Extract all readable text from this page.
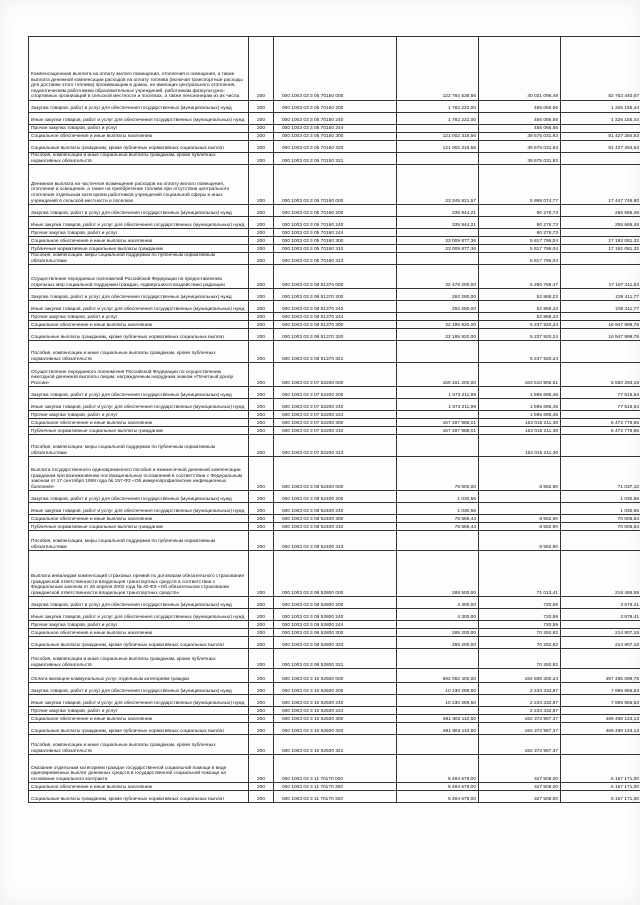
Компенсационная выплата на оплату жилого помещения, отопления и освещения, а также выплата денежной компенсации расходов на оплату топлива (включая транспортные расходы для доставки этого топлива) проживающим в домах, не имеющих центрального отопления, педагогическим работникам образовательных учреждений, работникам физкультурно-спортивных организаций в сельской местности и поселках, а также пенсионерам из их числа	200	000 1003 03 3 05 70150 000	122 784 538,56	40 031 098,49	82 753 440,07
Закупка товаров, работ и услуг для обеспечения государственных (муниципальных) нужд	200	000 1003 03 3 05 70150 200	1 782 222,00	456 066,56	1 326 155,44
Иные закупки товаров, работ и услуг для обеспечения государственных (муниципальных) нужд	200	000 1003 03 3 05 70150 240	1 782 222,00	456 066,56	1 326 155,44
Прочая закупка товаров, работ и услуг	200	000 1003 03 3 05 70150 244		456 066,56	
Социальное обеспечение и иные выплаты населению	200	000 1003 03 3 05 70150 300	121 002 316,56	39 575 031,93	81 427 284,63
Социальные выплаты гражданам, кроме публичных нормативных социальных выплат	200	000 1003 03 3 05 70150 320	121 002 316,56	39 575 031,93	81 427 284,63
Пособия, компенсации и иные социальные выплаты гражданам, кроме публичных нормативных обязательств	200	000 1003 03 3 05 70150 321		39 575 031,93	
Денежная выплата на частичное возмещение расходов на оплату жилого помещения, отопления и освещения, а также на приобретение топлива при отсутствии центрального отопления отдельным категориям работников учреждений социальной сферы и иных учреждений в сельской местности и поселках	200	000 1003 03 3 05 70160 000	23 345 821,57	5 898 074,77	17 447 746,80
Закупка товаров, работ и услуг для обеспечения государственных (муниципальных) нужд	200	000 1003 03 3 05 70160 200	335 944,21	80 278,73	255 665,48
Иные закупки товаров, работ и услуг для обеспечения государственных (муниципальных) нужд	200	000 1003 03 3 05 70160 240	335 944,21	80 278,73	255 665,48
Прочая закупка товаров, работ и услуг	200	000 1003 03 3 05 70160 244		80 278,73	
Социальное обеспечение и иные выплаты населению	200	000 1003 03 3 05 70160 300	23 009 877,36	5 817 796,04	17 192 081,32
Публичные нормативные социальные выплаты гражданам	200	000 1003 03 3 05 70160 310	23 009 877,36	5 817 796,04	17 192 081,32
Пособия, компенсации, меры социальной поддержки по публичным нормативным обязательствам	200	000 1003 03 3 05 70160 313		5 817 796,04	
Осуществление переданных полномочий Российской Федерации по предоставлению отдельных мер социальной поддержки граждан, подвергшихся воздействию радиации	200	000 1003 03 3 08 51370 000	22 478 200,00	5 290 788,47	17 187 411,53
Закупка товаров, работ и услуг для обеспечения государственных (муниципальных) нужд	200	000 1003 03 3 08 51370 200	292 280,00	52 868,23	239 411,77
Иные закупки товаров, работ и услуг для обеспечения государственных (муниципальных) нужд	200	000 1003 03 3 08 51370 240	292 280,00	52 868,23	239 411,77
Прочая закупка товаров, работ и услуг	200	000 1003 03 3 08 51370 244		52 868,23	
Социальное обеспечение и иные выплаты населению	200	000 1003 03 3 08 51370 300	22 185 920,00	5 237 920,24	16 947 999,76
Социальные выплаты гражданам, кроме публичных нормативных социальных выплат	200	000 1003 03 3 08 51370 320	22 185 920,00	5 237 920,24	16 947 999,76
Пособия, компенсации и иные социальные выплаты гражданам, кроме публичных нормативных обязательств	200	000 1003 03 3 08 51370 321		5 237 920,24	
Осуществление переданного полномочия Российской Федерации по осуществлению ежегодной денежной выплаты лицам, награжденным нагрудным знаком «Почетный донор России»	200	000 1003 03 3 07 52200 000	169 161 200,00	163 610 906,51	5 550 293,19
Закупка товаров, работ и услуг для обеспечения государственных (муниципальных) нужд	200	000 1003 03 3 07 52200 200	1 673 211,99	1 595 695,45	77 516,54
Иные закупки товаров, работ и услуг для обеспечения государственных (муниципальных) нужд	200	000 1003 03 3 07 52200 240	1 673 211,99	1 595 695,45	77 516,54
Прочая закупка товаров, работ и услуг	200	000 1003 03 3 07 52200 244		1 595 695,45	
Социальное обеспечение и иные выплаты населению	200	000 1003 03 3 07 52200 300	167 487 988,01	162 015 211,36	5 472 776,65
Публичные нормативные социальные выплаты гражданам	200	000 1003 03 3 07 52200 310	167 487 988,01	162 015 211,36	5 472 776,65
Пособия, компенсации, меры социальной поддержки по публичным нормативным обязательствам	200	000 1003 03 3 07 52200 313		162 015 211,36	
Выплата государственного единовременного пособия и ежемесячной денежной компенсации гражданам при возникновении поствакцинальных осложнений в соответствии с Федеральным законом от 17 сентября 1998 года № 157-ФЗ «Об иммунопрофилактике инфекционных болезней»	200	000 1003 03 3 08 52400 000	79 600,00	8 562,90	71 037,10
Закупка товаров, работ и услуг для обеспечения государственных (муниципальных) нужд	200	000 1003 03 3 08 52400 200	1 030,56		1 030,56
Иные закупки товаров, работ и услуг для обеспечения государственных (муниципальных) нужд	200	000 1003 03 3 08 52400 240	1 030,56		1 030,56
Социальное обеспечение и иные выплаты населению	200	000 1003 03 3 08 52400 300	78 569,44	8 562,90	70 006,54
Публичные нормативные социальные выплаты гражданам	200	000 1003 03 3 08 52400 310	78 569,44	8 562,90	70 006,54
Пособия, компенсации, меры социальной поддержки по публичным нормативным обязательствам	200	000 1003 03 3 08 52400 313		8 562,90	
Выплата инвалидам компенсаций страховых премий по договорам обязательного страхования гражданской ответственности владельцев транспортных средств в соответствии с Федеральным законом от 25 апреля 2002 года № 40-ФЗ «Об обязательном страховании гражданской ответственности владельцев транспортных средств»	200	000 1003 03 3 08 52800 000	289 500,00	71 013,41	218 486,59
Закупка товаров, работ и услуг для обеспечения государственных (муниципальных) нужд	200	000 1003 03 3 08 52800 200	4 300,00	720,59	3 579,41
Иные закупки товаров, работ и услуг для обеспечения государственных (муниципальных) нужд	200	000 1003 03 3 08 52800 240	4 300,00	720,59	3 579,41
Прочая закупка товаров, работ и услуг	200	000 1003 03 3 08 52800 244		720,59	
Социальное обеспечение и иные выплаты населению	200	000 1003 03 3 08 52800 300	285 200,00	70 292,82	214 907,18
Социальные выплаты гражданам, кроме публичных нормативных социальных выплат	200	000 1003 03 3 08 52800 320	285 200,00	70 292,82	214 907,18
Пособия, компенсации и иные социальные выплаты гражданам, кроме публичных нормативных обязательств	200	000 1003 03 3 08 52800 321		70 292,82	
Оплата жилищно-коммунальных услуг отдельным категориям граждан	200	000 1003 03 3 10 52500 000	692 093 400,00	194 608 300,24	497 485 099,76
Закупка товаров, работ и услуг для обеспечения государственных (муниципальных) нужд	200	000 1003 03 3 10 52500 200	10 230 289,50	2 234 332,87	7 995 956,63
Иные закупки товаров, работ и услуг для обеспечения государственных (муниципальных) нужд	200	000 1003 03 3 10 52500 240	10 230 289,50	2 234 332,87	7 995 956,63
Прочая закупка товаров, работ и услуг	200	000 1003 03 3 10 52500 244		2 234 332,87	
Социальное обеспечение и иные выплаты населению	200	000 1003 03 3 10 52500 300	681 863 110,50	192 373 967,37	489 489 143,13
Социальные выплаты гражданам, кроме публичных нормативных социальных выплат	200	000 1003 03 3 10 52500 320	681 863 110,50	192 373 967,37	489 489 143,13
Пособия, компенсации и иные социальные выплаты гражданам, кроме публичных нормативных обязательств	200	000 1003 03 3 10 52500 321		192 373 967,37	
Оказание отдельным категориям граждан государственной социальной помощи в виде единовременных выплат денежных средств в государственной социальной помощи на основании социального контракта	200	000 1003 03 3 11 70170 000	5 494 679,00	327 508,00	5 167 171,00
Социальное обеспечение и иные выплаты населению	200	000 1003 03 3 11 70170 300	5 494 679,00	327 508,00	5 167 171,00
Социальные выплаты гражданам, кроме публичных нормативных социальных выплат	200	000 1003 03 3 11 70170 320	5 494 679,00	327 508,00	5 167 171,00
